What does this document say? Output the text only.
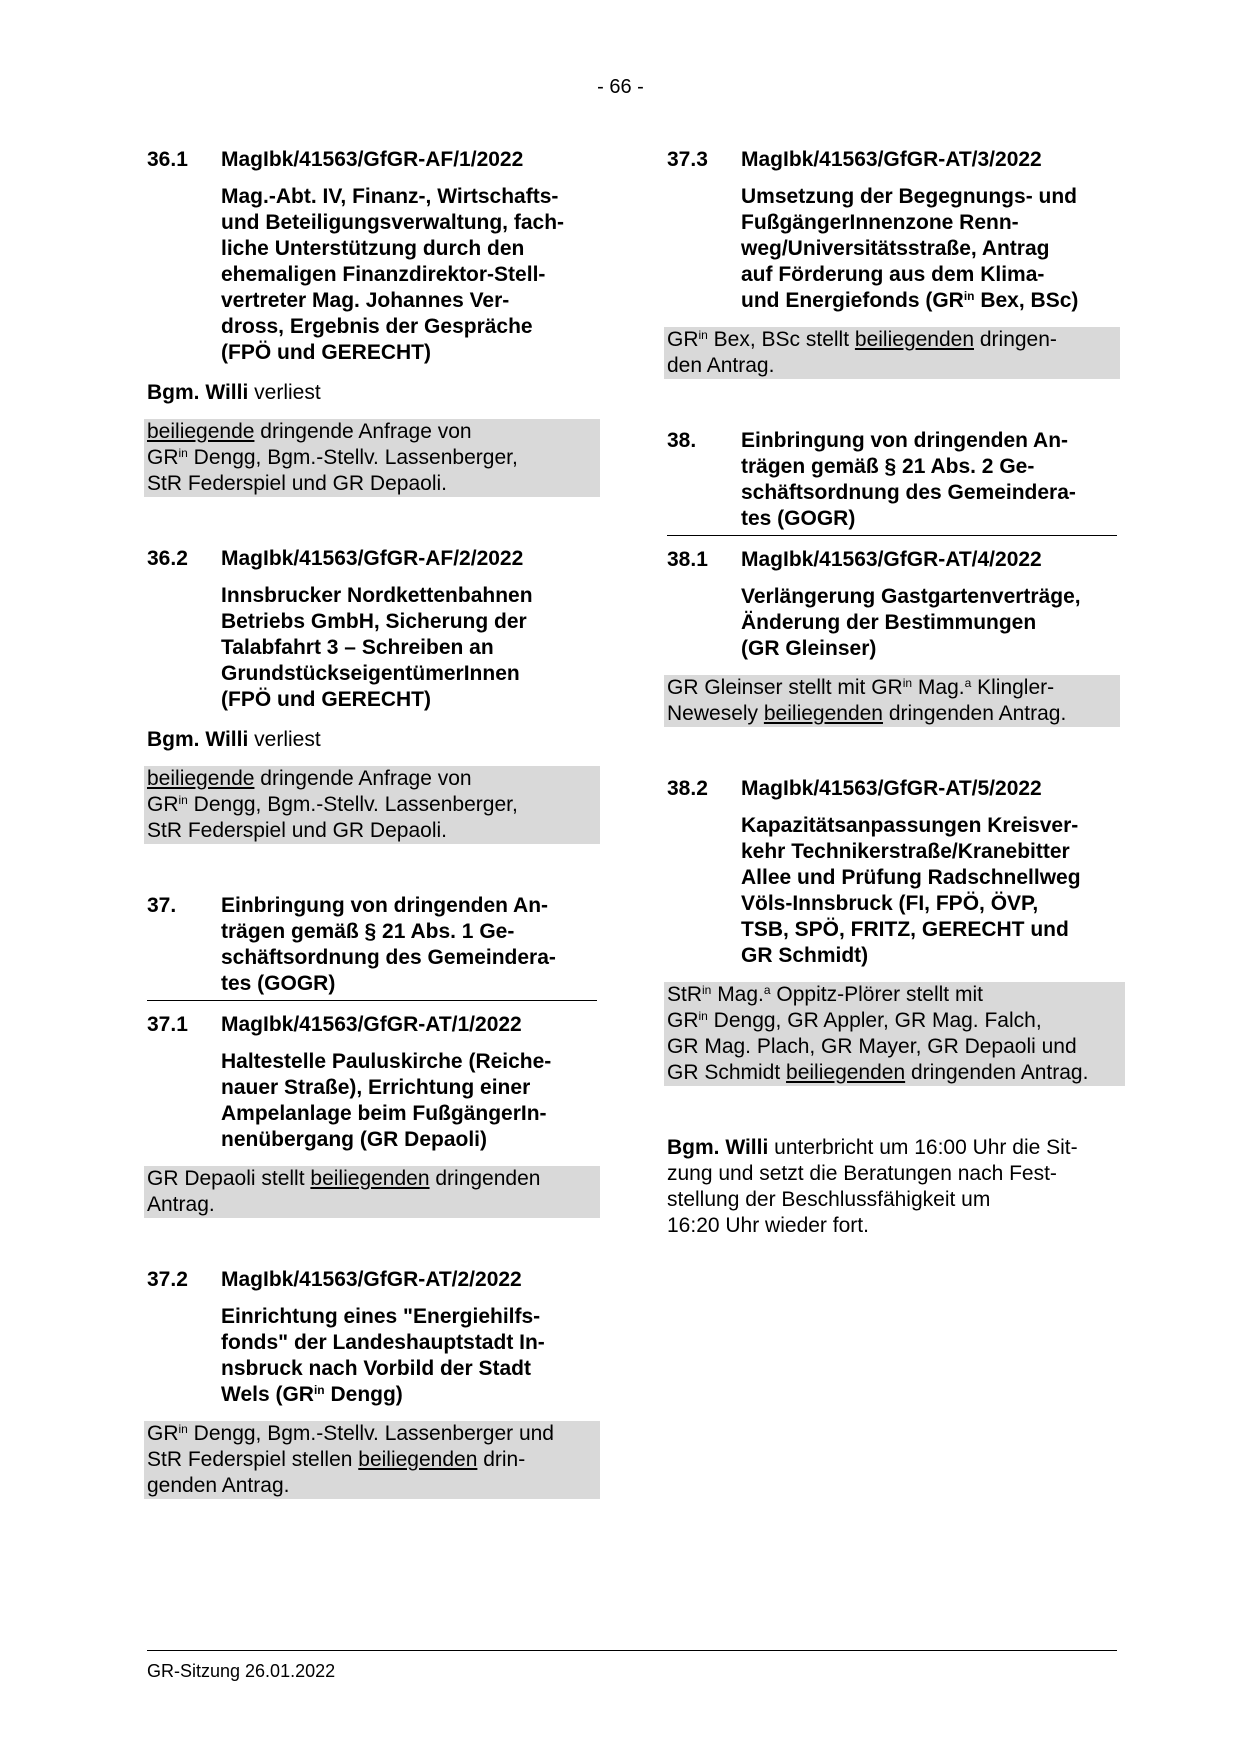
- 66 -
36.1	MagIbk/41563/GfGR-AF/1/2022
Mag.-Abt. IV, Finanz-, Wirtschafts-
und Beteiligungsverwaltung, fach-
liche Unterstützung durch den
ehemaligen Finanzdirektor-Stell-
vertreter Mag. Johannes Ver-
dross, Ergebnis der Gespräche
(FPÖ und GERECHT)
Bgm. Willi verliest
beiliegende dringende Anfrage von
$GR^{in}$ Dengg, Bgm.-Stellv. Lassenberger,
StR Federspiel und GR Depaoli.
36.2	MagIbk/41563/GfGR-AF/2/2022
Innsbrucker Nordkettenbahnen
Betriebs GmbH, Sicherung der
Talabfahrt 3 – Schreiben an
GrundstückseigentümerInnen
(FPÖ und GERECHT)
Bgm. Willi verliest
beiliegende dringende Anfrage von
$GR^{in}$ Dengg, Bgm.-Stellv. Lassenberger,
StR Federspiel und GR Depaoli.
37.	Einbringung von dringenden An-
trägen gemäß § 21 Abs. 1 Ge-
schäftsordnung des Gemeindera-
tes (GOGR)
37.1	MagIbk/41563/GfGR-AT/1/2022
Haltestelle Pauluskirche (Reiche-
nauer Straße), Errichtung einer
Ampelanlage beim FußgängerIn-
nenübergang (GR Depaoli)
GR Depaoli stellt beiliegenden dringenden
Antrag.
37.2	MagIbk/41563/GfGR-AT/2/2022
Einrichtung eines "Energiehilfs-
fonds" der Landeshauptstadt In-
nsbruck nach Vorbild der Stadt
Wels ($GR^{in}$ Dengg)
$GR^{in}$ Dengg, Bgm.-Stellv. Lassenberger und
StR Federspiel stellen beiliegenden drin-
genden Antrag.
37.3	MagIbk/41563/GfGR-AT/3/2022
Umsetzung der Begegnungs- und
FußgängerInnenzone Renn-
weg/Universitätsstraße, Antrag
auf Förderung aus dem Klima-
und Energiefonds ($GR^{in}$ Bex, BSc)
$GR^{in}$ Bex, BSc stellt beiliegenden dringen-
den Antrag.
38.	Einbringung von dringenden An-
trägen gemäß § 21 Abs. 2 Ge-
schäftsordnung des Gemeindera-
tes (GOGR)
38.1	MagIbk/41563/GfGR-AT/4/2022
Verlängerung Gastgartenverträge,
Änderung der Bestimmungen
(GR Gleinser)
GR Gleinser stellt mit $GR^{in}$ Mag.$^a$ Klingler-
Newesely beiliegenden dringenden Antrag.
38.2	MagIbk/41563/GfGR-AT/5/2022
Kapazitätsanpassungen Kreisver-
kehr Technikerstraße/Kranebitter
Allee und Prüfung Radschnellweg
Völs-Innsbruck (FI, FPÖ, ÖVP,
TSB, SPÖ, FRITZ, GERECHT und
GR Schmidt)
StR$^{in}$ Mag.$^a$ Oppitz-Plörer stellt mit
$GR^{in}$ Dengg, GR Appler, GR Mag. Falch,
GR Mag. Plach, GR Mayer, GR Depaoli und
GR Schmidt beiliegenden dringenden Antrag.
Bgm. Willi unterbricht um 16:00 Uhr die Sit-
zung und setzt die Beratungen nach Fest-
stellung der Beschlussfähigkeit um
16:20 Uhr wieder fort.
GR-Sitzung 26.01.2022
